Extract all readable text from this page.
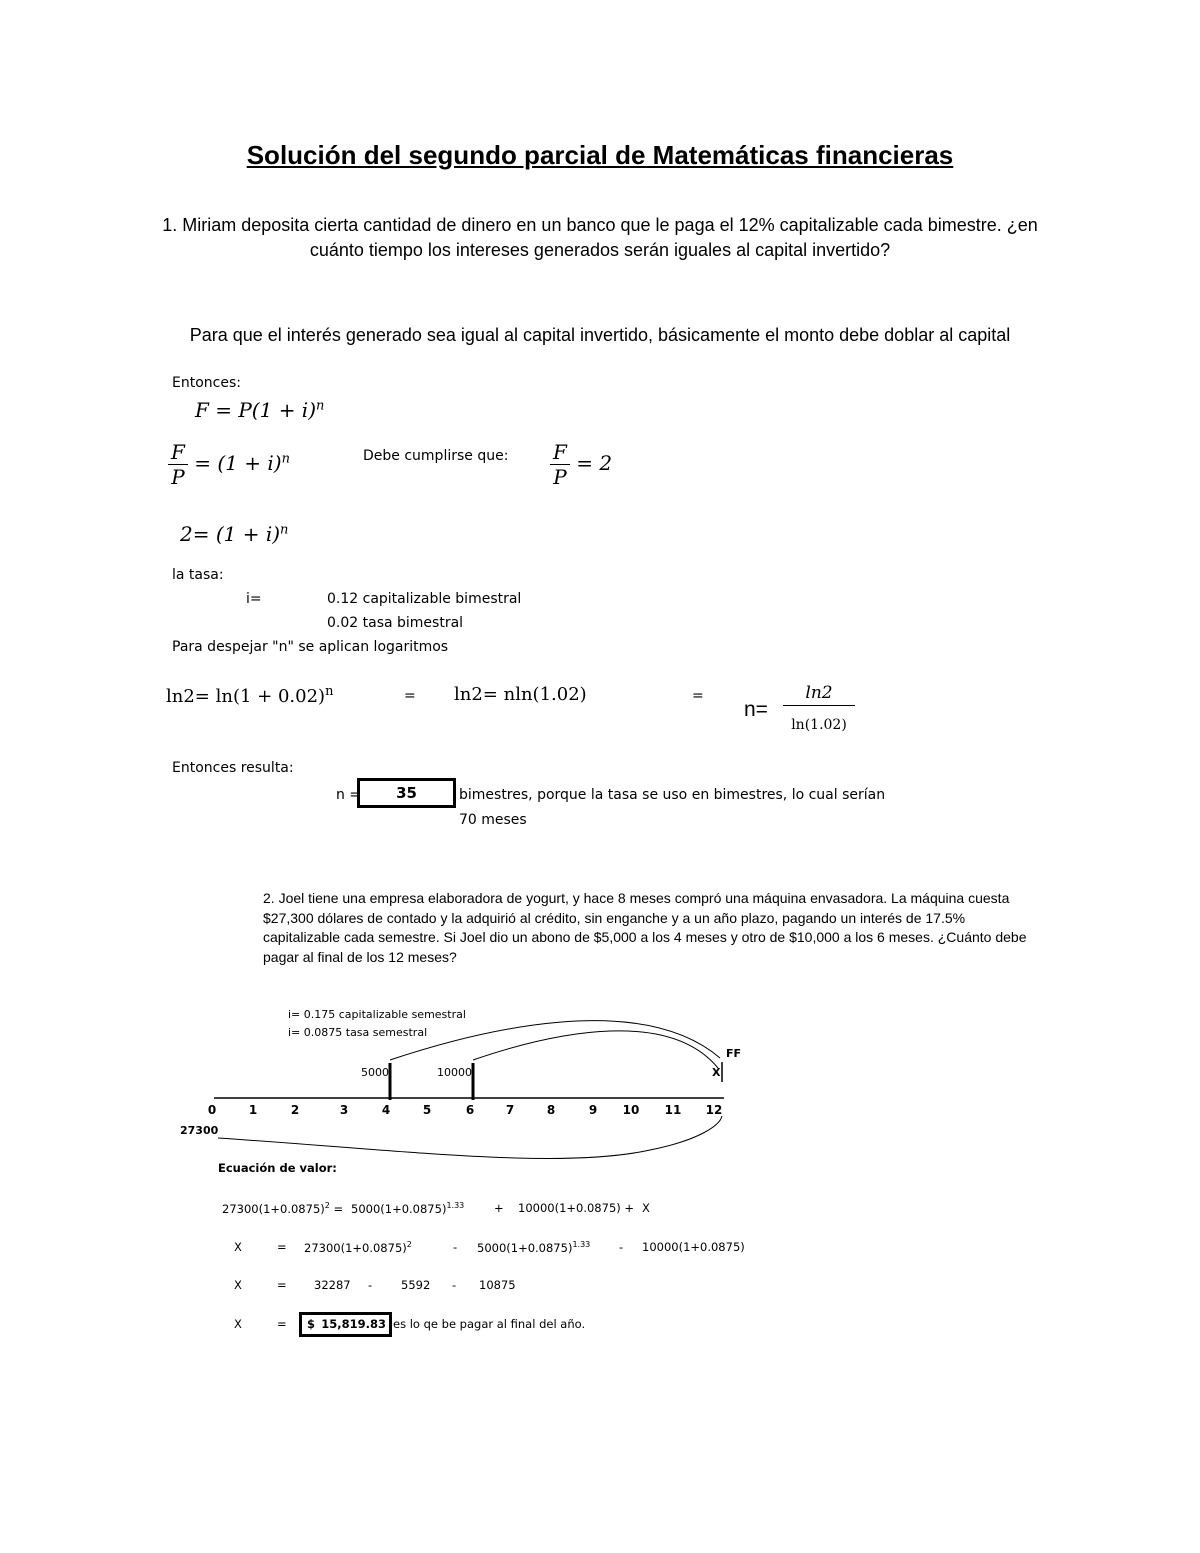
Solución del segundo parcial de Matemáticas financieras
1. Miriam deposita cierta cantidad de dinero en un banco que le paga el 12% capitalizable cada bimestre. ¿en cuánto tiempo los intereses generados serán iguales al capital invertido?
Para que el interés generado sea igual al capital invertido, básicamente el monto debe doblar al capital
Entonces:
$F = P(1 + i)^n$
$\frac{F}{P} = (1 + i)^n$	Debe cumplirse que: $\frac{F}{P} = 2$
$2= (1 + i)^n$
la tasa:
i=	0.12 capitalizable bimestral
0.02 tasa bimestral
Para despejar "n" se aplican logaritmos
$\ln 2= \ln(1 + 0.02)^n$	= ln2= nln(1.02)	=
n=
ln2
ln(1.02)
Entonces resulta:
n =	35	bimestres, porque la tasa se uso en bimestres, lo cual serían
70 meses
2. Joel tiene una empresa elaboradora de yogurt, y hace 8 meses compró una máquina envasadora. La máquina cuesta $27,300 dólares de contado y la adquirió al crédito, sin enganche y a un año plazo, pagando un interés de 17.5% capitalizable cada semestre. Si Joel dio un abono de $5,000 a los 4 meses y otro de $10,000 a los 6 meses. ¿Cuánto debe pagar al final de los 12 meses?
i= 0.175 capitalizable semestral
i= 0.0875 tasa semestral
5000	10000
FF
X
27300
0	1	2	3	4	5	6	7	8	9	10 11 12
Ecuación de valor:
$27300(1+0.0875)^2 = 5000(1+0.0875)^{1.33}$	+ 10000(1+0.0875) + X
X	= $27300(1+0.0875)^2$	- $5000(1+0.0875)^{1.33}$	- 10000(1+0.0875)
X	= 32287 -	5592 - 10875
X	= $ 15,819.83 es lo qe be pagar al final del año.
